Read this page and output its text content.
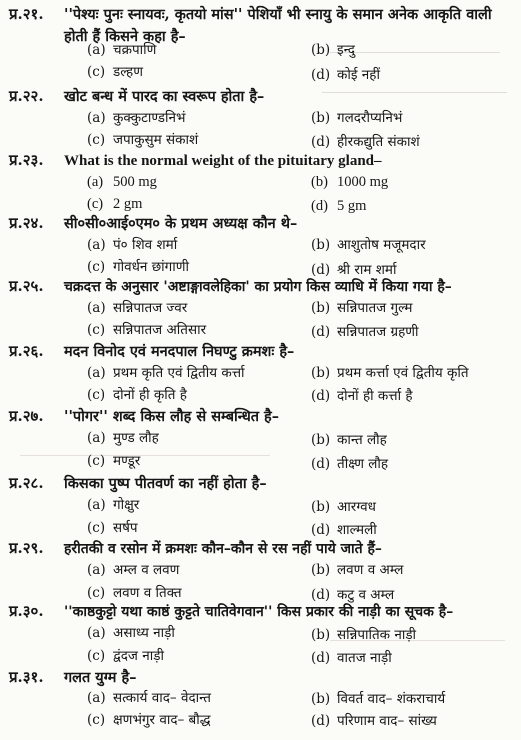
प्र.२१. ''पेश्यः पुनः स्नायवः, कृतयो मांस'' पेशियाँ भी स्नायु के समान अनेक आकृति वाली होती हैं किसने कहा है–
(a) चक्रपाणि	(b) इन्दु
(c) डल्हण	(d) कोई नहीं
प्र.२२. खोट बन्ध में पारद का स्वरूप होता है–
(a) कुक्कुटाण्डनिभं	(b) गलदरौप्यनिभं
(c) जपाकुसुम संकाशं	(d) हीरकद्युति संकाशं
प्र.२३. What is the normal weight of the pituitary gland–
(a) 500 mg	(b) 1000 mg
(c) 2 gm	(d) 5 gm
प्र.२४. सी०सी०आई०एम० के प्रथम अध्यक्ष कौन थे–
(a) पं० शिव शर्मा	(b) आशुतोष मजूमदार
(c) गोवर्धन छांगाणी	(d) श्री राम शर्मा
प्र.२५. चक्रदत्त के अनुसार 'अष्टाङ्गावलेहिका' का प्रयोग किस व्याधि में किया गया है–
(a) सन्निपातज ज्वर	(b) सन्निपातज गुल्म
(c) सन्निपातज अतिसार	(d) सन्निपातज ग्रहणी
प्र.२६. मदन विनोद एवं मनदपाल निघण्टु क्रमशः है–
(a) प्रथम कृति एवं द्वितीय कर्त्ता	(b) प्रथम कर्त्ता एवं द्वितीय कृति
(c) दोनों ही कृति है	(d) दोनों ही कर्त्ता है
प्र.२७. ''पोगर'' शब्द किस लौह से सम्बन्धित है–
(a) मुण्ड लौह	(b) कान्त लौह
(c) मण्डूर	(d) तीक्ष्ण लौह
प्र.२८. किसका पुष्प पीतवर्ण का नहीं होता है–
(a) गोक्षुर	(b) आरग्वध
(c) सर्षप	(d) शाल्मली
प्र.२९. हरीतकी व रसोन में क्रमशः कौन–कौन से रस नहीं पाये जाते हैं–
(a) अम्ल व लवण	(b) लवण व अम्ल
(c) लवण व तिक्त	(d) कटु व अम्ल
प्र.३०. ''काष्ठकुट्टो यथा काष्ठं कुट्टते चातिवेगवान'' किस प्रकार की नाड़ी का सूचक है–
(a) असाध्य नाड़ी	(b) सन्निपातिक नाड़ी
(c) द्वंदज नाड़ी	(d) वातज नाड़ी
प्र.३१. गलत युग्म है–
(a) सत्कार्य वाद– वेदान्त	(b) विवर्त वाद– शंकराचार्य
(c) क्षणभंगुर वाद– बौद्ध	(d) परिणाम वाद– सांख्य
